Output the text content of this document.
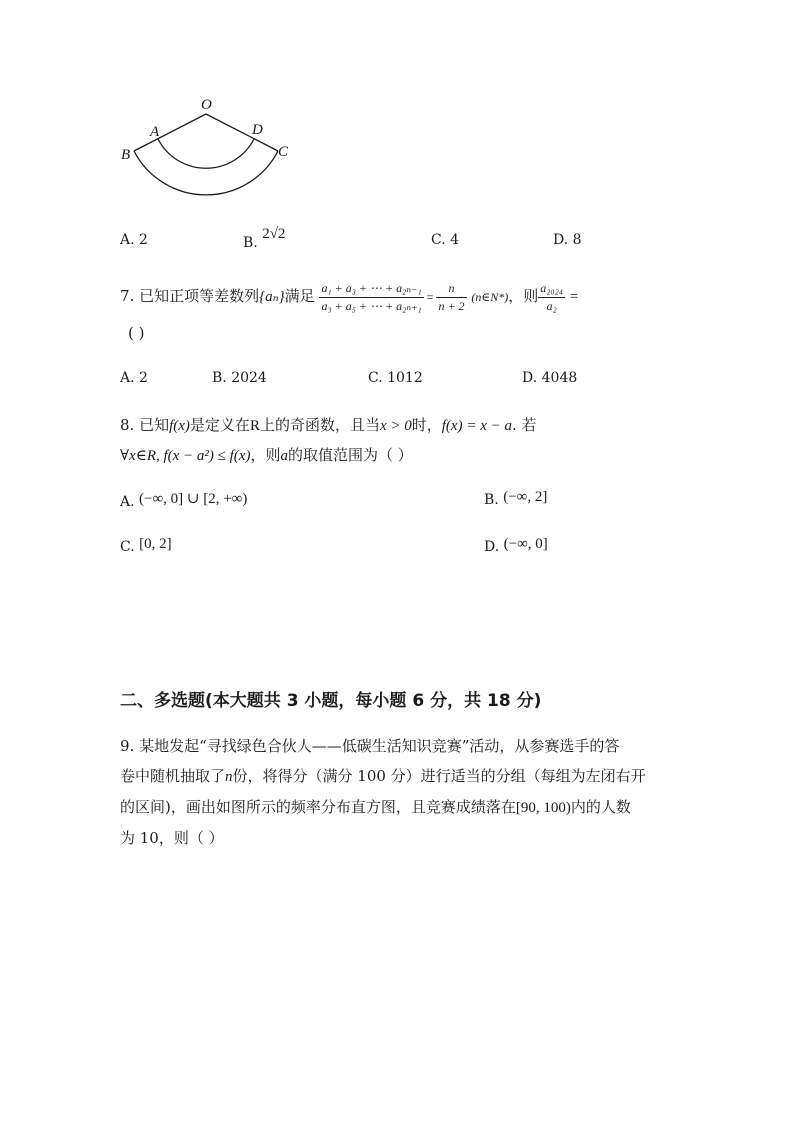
O
A	D
B	C
A. 2	B. 2√2	C. 4	D. 8
7. 已知正项等差数列{aₙ}满足 $\frac{\text{a₁ + a₃ + ⋯ + a₂ₙ₋₁}}{\text{a₃ + a₅ + ⋯ + a₂ₙ₊₁}} = \frac{n}{n + 2}$ (n∈N*)，则 $\frac{\text{a₂₀₂₄}}{\text{a₂}}$ =
( )
A. 2	B. 2024	C. 1012	D. 4048
8. 已知f(x)是定义在R上的奇函数，且当x > 0时，f(x) = x − a. 若
∀x∈R, f(x − a²) ≤ f(x)，则a的取值范围为（ ）
A. (−∞, 0] ∪ [2, +∞)	B. (−∞, 2]
C. [0, 2]	D. (−∞, 0]
二、多选题(本大题共 3 小题，每小题 6 分，共 18 分)
9. 某地发起“寻找绿色合伙人——低碳生活知识竞赛”活动，从参赛选手的答
卷中随机抽取了n份，将得分（满分 100 分）进行适当的分组（每组为左闭右开
的区间)，画出如图所示的频率分布直方图，且竞赛成绩落在[90, 100)内的人数
为 10，则（ ）
